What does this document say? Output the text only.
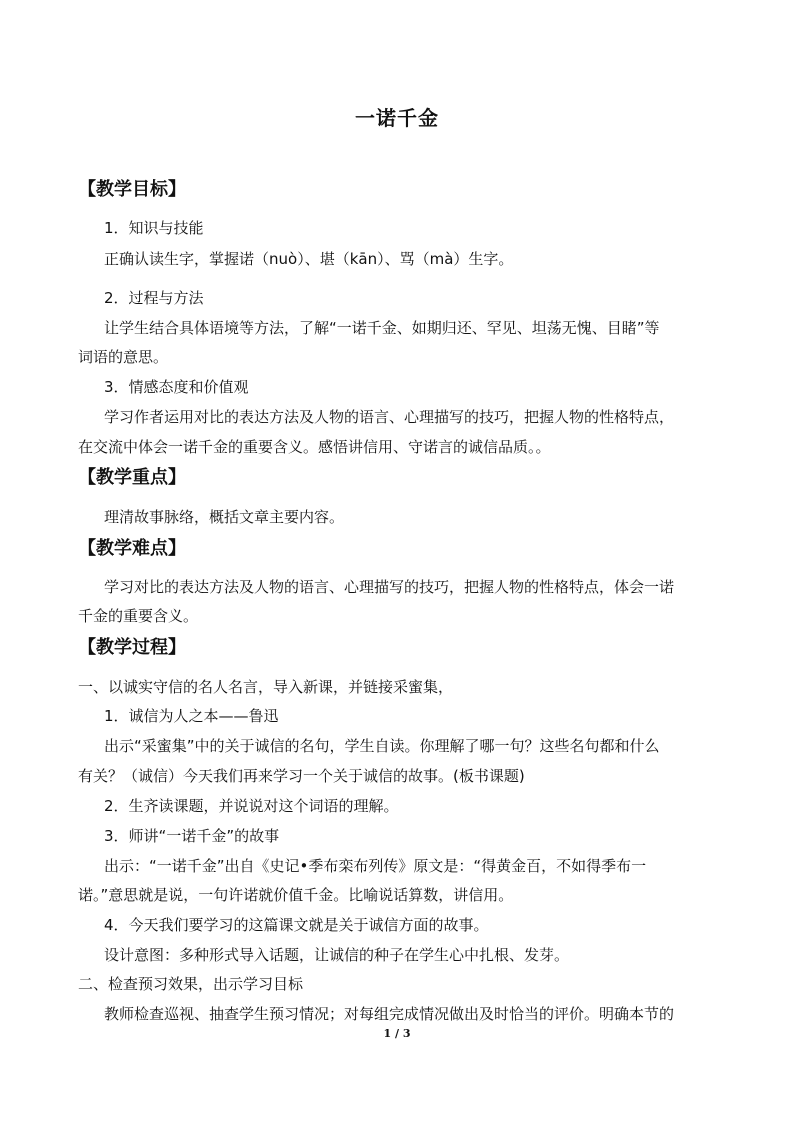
一诺千金
【教学目标】
1．知识与技能
正确认读生字，掌握诺（nuò）、堪（kān）、骂（mà）生字。
2．过程与方法
让学生结合具体语境等方法，了解“一诺千金、如期归还、罕见、坦荡无愧、目睹”等
词语的意思。
3．情感态度和价值观
学习作者运用对比的表达方法及人物的语言、心理描写的技巧，把握人物的性格特点，
在交流中体会一诺千金的重要含义。感悟讲信用、守诺言的诚信品质。。
【教学重点】
理清故事脉络，概括文章主要内容。
【教学难点】
学习对比的表达方法及人物的语言、心理描写的技巧，把握人物的性格特点，体会一诺
千金的重要含义。
【教学过程】
一、以诚实守信的名人名言，导入新课，并链接采蜜集，
1．诚信为人之本——鲁迅
出示“采蜜集”中的关于诚信的名句，学生自读。你理解了哪一句？这些名句都和什么
有关？（诚信）今天我们再来学习一个关于诚信的故事。(板书课题)
2．生齐读课题，并说说对这个词语的理解。
3．师讲“一诺千金”的故事
出示：“一诺千金”出自《史记•季布栾布列传》原文是：“得黄金百，不如得季布一
诺。”意思就是说，一句许诺就价值千金。比喻说话算数，讲信用。
4．今天我们要学习的这篇课文就是关于诚信方面的故事。
设计意图：多种形式导入话题，让诚信的种子在学生心中扎根、发芽。
二、检查预习效果，出示学习目标
教师检查巡视、抽查学生预习情况；对每组完成情况做出及时恰当的评价。明确本节的
1 / 3
